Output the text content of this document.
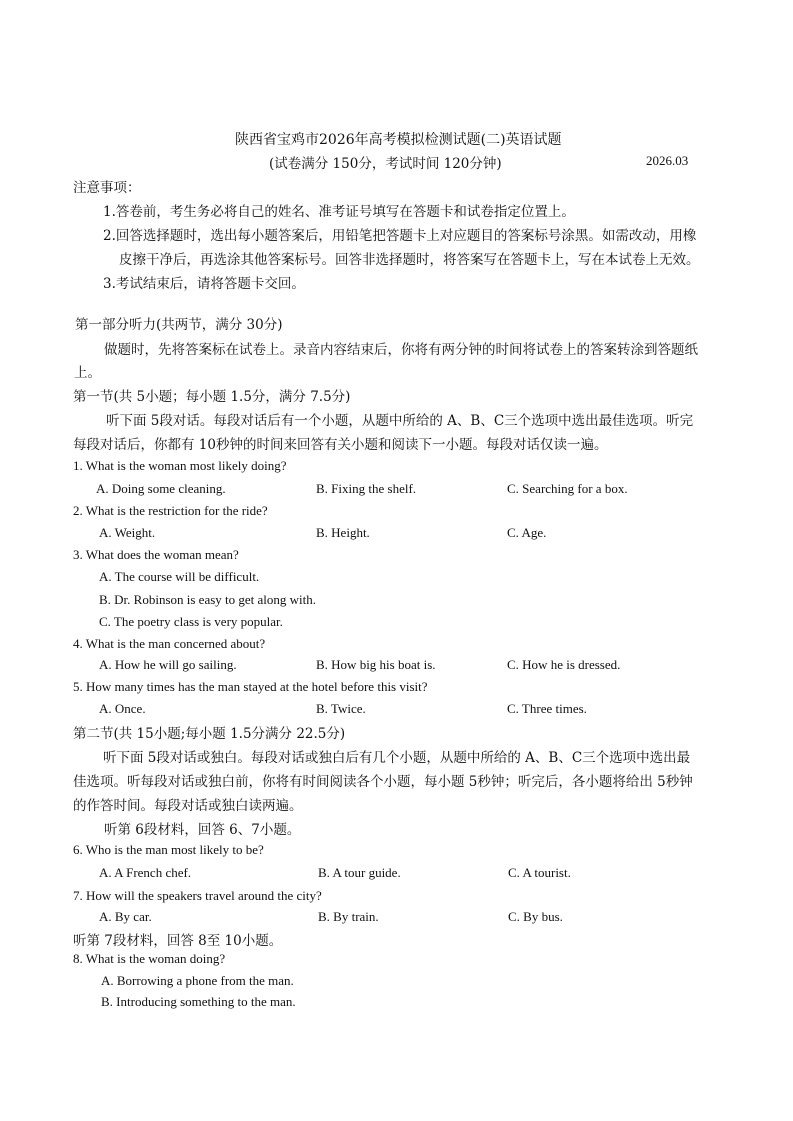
陕西省宝鸡市2026年高考模拟检测试题(二)英语试题
(试卷满分 150分，考试时间 120分钟)	2026.03
注意事项：
1.答卷前，考生务必将自己的姓名、准考证号填写在答题卡和试卷指定位置上。
2.回答选择题时，选出每小题答案后，用铅笔把答题卡上对应题目的答案标号涂黑。如需改动，用橡
皮擦干净后，再选涂其他答案标号。回答非选择题时，将答案写在答题卡上，写在本试卷上无效。
3.考试结束后，请将答题卡交回。
第一部分听力(共两节，满分 30分)
做题时，先将答案标在试卷上。录音内容结束后，你将有两分钟的时间将试卷上的答案转涂到答题纸
上。
第一节(共 5小题；每小题 1.5分，满分 7.5分)
听下面 5段对话。每段对话后有一个小题，从题中所给的 A、B、C三个选项中选出最佳选项。听完
每段对话后，你都有 10秒钟的时间来回答有关小题和阅读下一小题。每段对话仅读一遍。
1. What is the woman most likely doing?
A. Doing some cleaning.	B. Fixing the shelf.	C. Searching for a box.
2. What is the restriction for the ride?
A. Weight.	B. Height.	C. Age.
3. What does the woman mean?
A. The course will be difficult.
B. Dr. Robinson is easy to get along with.
C. The poetry class is very popular.
4. What is the man concerned about?
A. How he will go sailing.	B. How big his boat is.	C. How he is dressed.
5. How many times has the man stayed at the hotel before this visit?
A. Once.	B. Twice.	C. Three times.
第二节(共 15小题;每小题 1.5分满分 22.5分)
听下面 5段对话或独白。每段对话或独白后有几个小题，从题中所给的 A、B、C三个选项中选出最
佳选项。听每段对话或独白前，你将有时间阅读各个小题，每小题 5秒钟；听完后，各小题将给出 5秒钟
的作答时间。每段对话或独白读两遍。
听第 6段材料，回答 6、7小题。
6. Who is the man most likely to be?
A. A French chef.	B. A tour guide.	C. A tourist.
7. How will the speakers travel around the city?
A. By car.	B. By train.	C. By bus.
听第 7段材料，回答 8至 10小题。
8. What is the woman doing?
A. Borrowing a phone from the man.
B. Introducing something to the man.
